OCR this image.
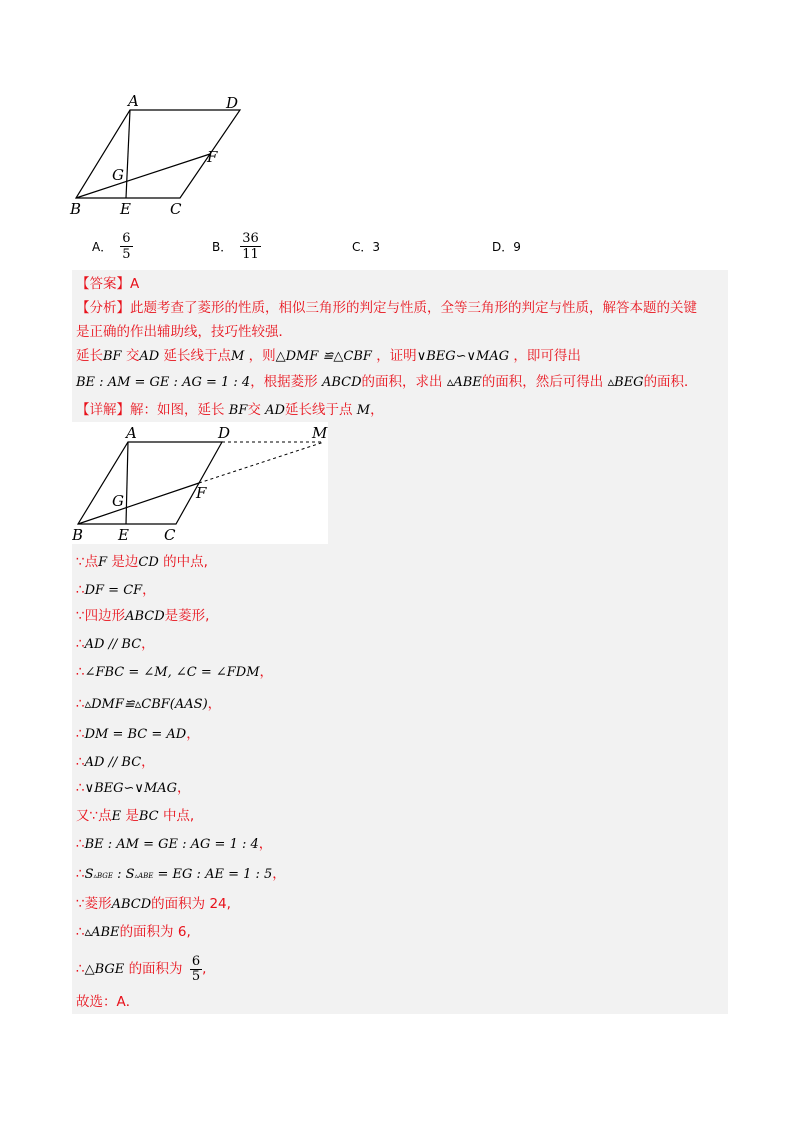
A	D
F
G
B	E	C
A． $\frac{6}{5}$	B． $\frac{36}{11}$	C．3	D．9
【答案】A
【分析】此题考查了菱形的性质，相似三角形的判定与性质，全等三角形的判定与性质，解答本题的关键
是正确的作出辅助线，技巧性较强．
延长BF 交AD 延长线于点M ，则△DMF ≌△CBF ，证明∨BEG∽∨MAG ，即可得出
BE : AM = GE : AG = 1 : 4，根据菱形 ABCD的面积，求出 ▵ABE的面积，然后可得出 ▵BEG的面积．
【详解】解：如图，延长 BF交 AD延长线于点 M，
∵点F 是边CD 的中点,
∴DF = CF，
∵四边形ABCD是菱形,
∴AD // BC，
∴∠FBC = ∠M, ∠C = ∠FDM，
∴▵DMF≌▵CBF(AAS)，
∴DM = BC = AD，
∴AD // BC，
∴∨BEG∽∨MAG，
又∵点E 是BC 中点,
∴BE : AM = GE : AG = 1 : 4，
∴S▵BGE : S▵ABE = EG : AE = 1 : 5，
∵菱形ABCD的面积为 24,
∴▵ABE的面积为 6,
∴△BGE 的面积为 $\frac{6}{5}$ ,
故选：A．
A	D	M
F
G
B E C
